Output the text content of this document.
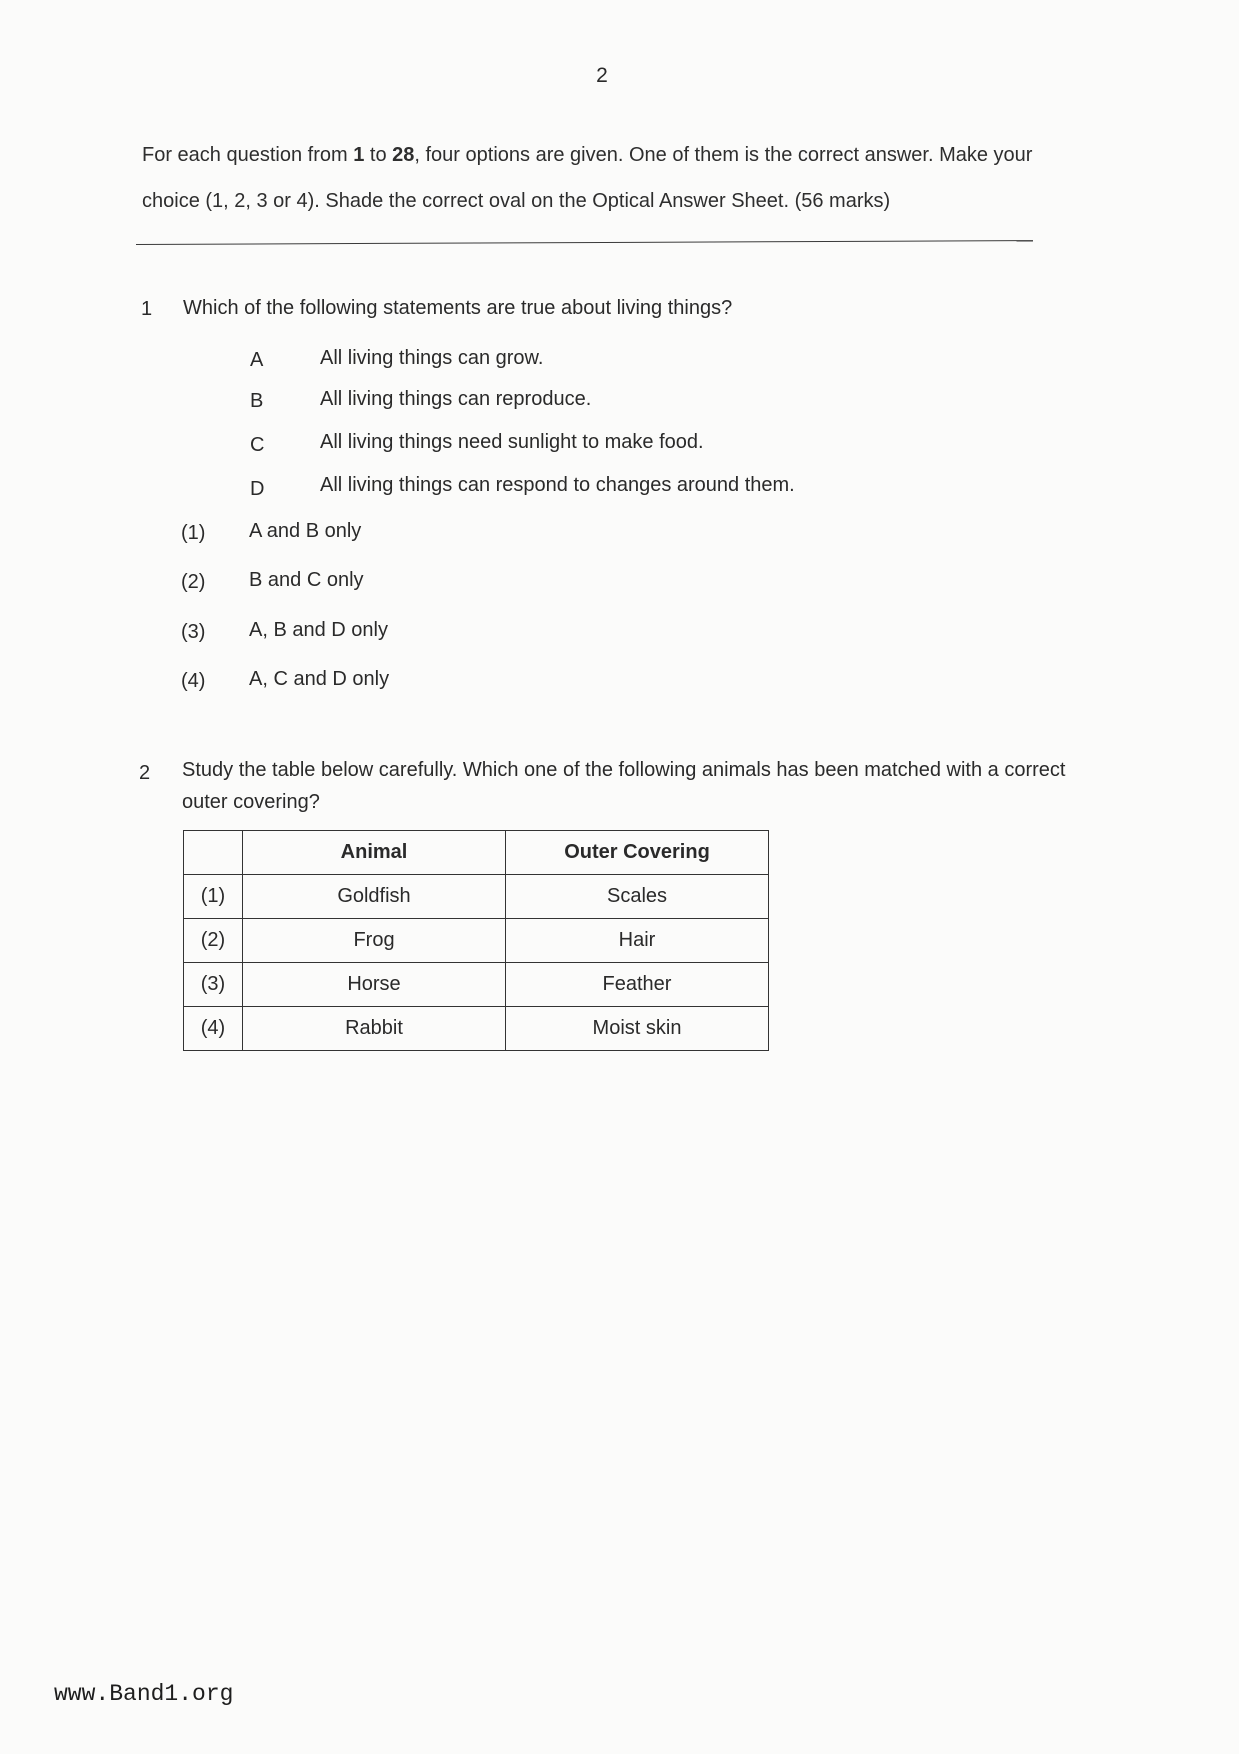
2
For each question from 1 to 28, four options are given. One of them is the correct answer. Make your choice (1, 2, 3 or 4). Shade the correct oval on the Optical Answer Sheet. (56 marks)
1 Which of the following statements are true about living things?
A	All living things can grow.
B	All living things can reproduce.
C	All living things need sunlight to make food.
D	All living things can respond to changes around them.
(1) A and B only
(2) B and C only
(3) A, B and D only
(4) A, C and D only
2 Study the table below carefully. Which one of the following animals has been matched with a correct outer covering?
	Animal	Outer Covering
(1)	Goldfish	Scales
(2)	Frog	Hair
(3)	Horse	Feather
(4)	Rabbit	Moist skin
www.Band1.org
